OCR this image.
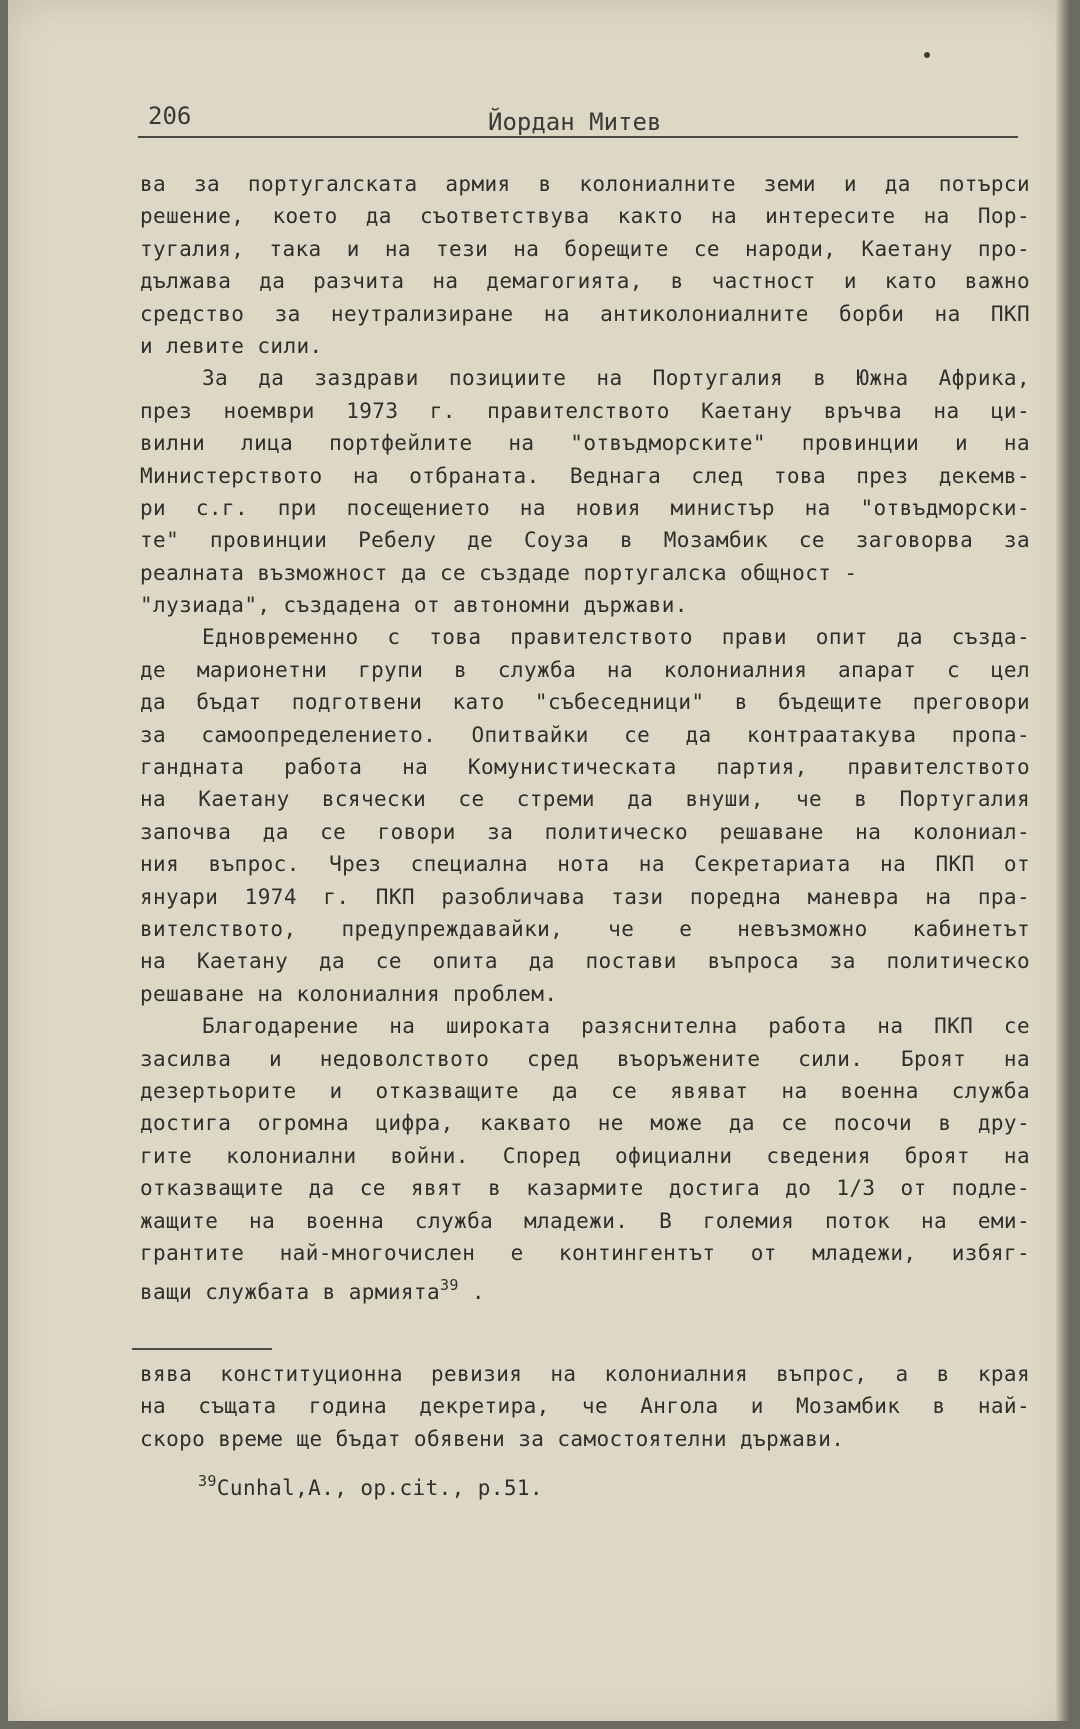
206	Йордан Митев
ва за португалската армия в колониалните земи и да потърси
решение, което да съответствува както на интересите на Пор-
тугалия, така и на тези на борещите се народи, Каетану про-
дължава да разчита на демагогията, в частност и като важно
средство за неутрализиране на антиколониалните борби на ПКП
и левите сили.
За да заздрави позициите на Португалия в Южна Африка,
през ноември 1973 г. правителството Каетану връчва на ци-
вилни лица портфейлите на "отвъдморските" провинции и на
Министерството на отбраната. Веднага след това през декемв-
ри с.г. при посещението на новия министър на "отвъдморски-
те" провинции Ребелу де Соуза в Мозамбик се заговорва за
реалната възможност да се създаде португалска общност -
"лузиада", създадена от автономни държави.
Едновременно с това правителството прави опит да създа-
де марионетни групи в служба на колониалния апарат с цел
да бъдат подготвени като "събеседници" в бъдещите преговори
за самоопределението. Опитвайки се да контраатакува пропа-
гандната работа на Комунистическата партия, правителството
на Каетану всячески се стреми да внуши, че в Португалия
започва да се говори за политическо решаване на колониал-
ния въпрос. Чрез специална нота на Секретариата на ПКП от
януари 1974 г. ПКП разобличава тази поредна маневра на пра-
вителството, предупреждавайки, че е невъзможно кабинетът
на Каетану да се опита да постави въпроса за политическо
решаване на колониалния проблем.
Благодарение на широката разяснителна работа на ПКП се
засилва и недоволството сред въоръжените сили. Броят на
дезертьорите и отказващите да се явяват на военна служба
достига огромна цифра, каквато не може да се посочи в дру-
гите колониални войни. Според официални сведения броят на
отказващите да се явят в казармите достига до 1/3 от подле-
жащите на военна служба младежи. В големия поток на еми-
грантите най-многочислен е контингентът от младежи, избяг-
ващи службата в армията$^{39}$ .
вява конституционна ревизия на колониалния въпрос, а в края
на същата година декретира, че Ангола и Мозамбик в най-
скоро време ще бъдат обявени за самостоятелни държави.
$^{39}$Cunhal,А., op.cit., p.51.
